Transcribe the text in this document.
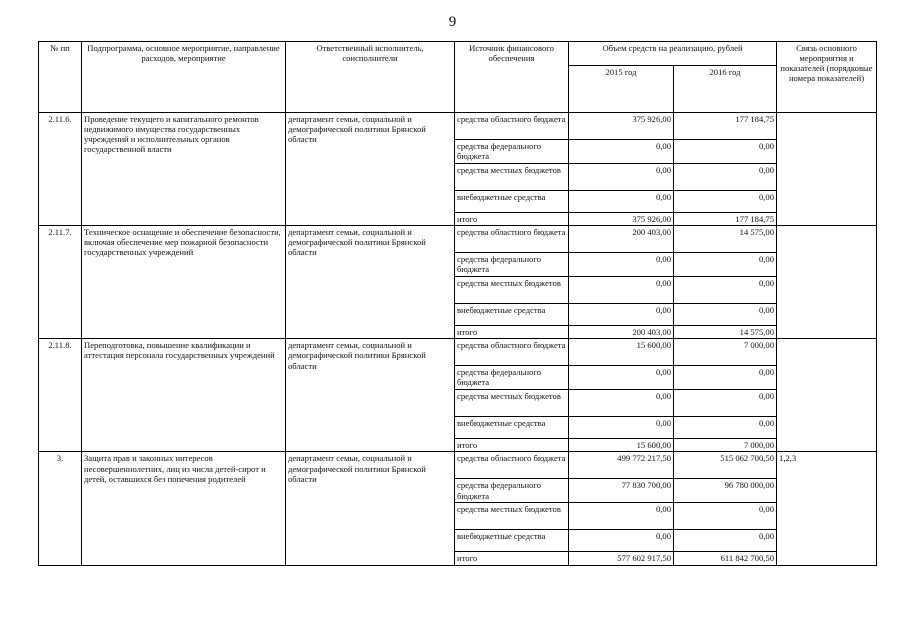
9
№ пп	Подпрограмма, основное мероприятие, направление расходов, мероприятие	Ответственный исполнитель, соисполнители	Источник финансового обеспечения	Объем средств на реализацию, рублей		Связь основного мероприятия и показателей (порядковые номера показателей)
				2015 год	2016 год	
2.11.6.	Проведение текущего и капитального ремонтов недвижимого имущества государственных учреждений и исполнительных органов государственной власти	департамент семьи, социальной и демографической политики Брянской области	средства областного бюджета	375 926,00	177 184,75	
			средства федерального бюджета	0,00	0,00	
			средства местных бюджетов	0,00	0,00	
			внебюджетные средства	0,00	0,00	
			итого	375 926,00	177 184,75	
2.11.7.	Техническое оснащение и обеспечение безопасности, включая обеспечение мер пожарной безопасности государственных учреждений	департамент семьи, социальной и демографической политики Брянской области	средства областного бюджета	200 403,00	14 575,00	
			средства федерального бюджета	0,00	0,00	
			средства местных бюджетов	0,00	0,00	
			внебюджетные средства	0,00	0,00	
			итого	200 403,00	14 575,00	
2.11.8.	Переподготовка, повышение квалификации и аттестация персонала государственных учреждений	департамент семьи, социальной и демографической политики Брянской области	средства областного бюджета	15 600,00	7 000,00	
			средства федерального бюджета	0,00	0,00	
			средства местных бюджетов	0,00	0,00	
			внебюджетные средства	0,00	0,00	
			итого	15 600,00	7 000,00	
3.	Защита прав и законных интересов несовершеннолетних, лиц из числа детей-сирот и детей, оставшихся без попечения родителей	департамент семьи, социальной и демографической политики Брянской области	средства областного бюджета	499 772 217,50	515 062 700,50	1,2,3
			средства федерального бюджета	77 830 700,00	96 780 000,00	
			средства местных бюджетов	0,00	0,00	
			внебюджетные средства	0,00	0,00	
			итого	577 602 917,50	611 842 700,50	
